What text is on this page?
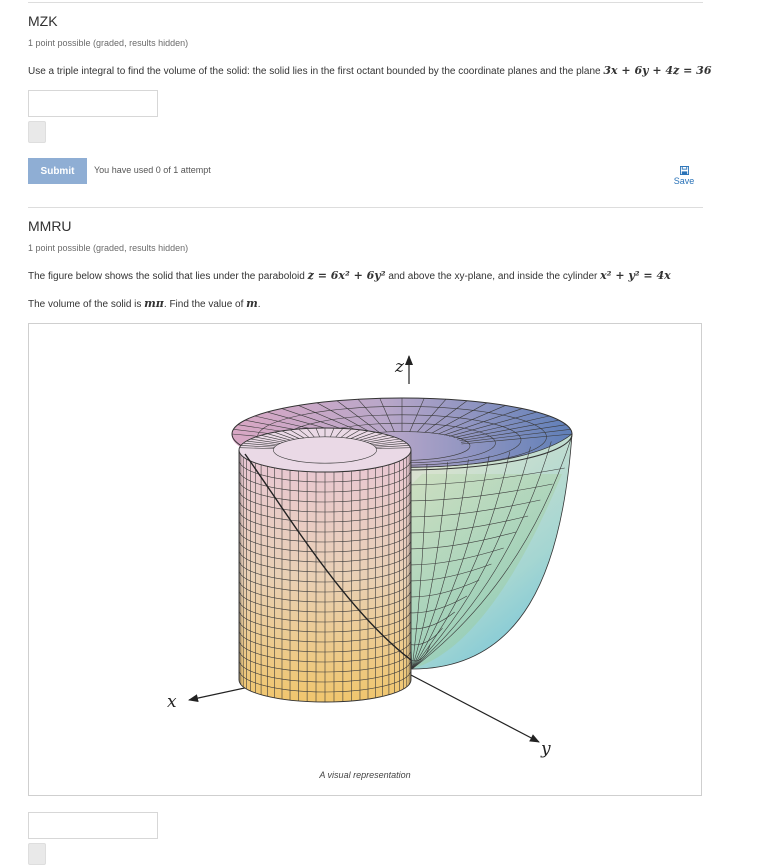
MZK
1 point possible (graded, results hidden)
Use a triple integral to find the volume of the solid: the solid lies in the first octant bounded by the coordinate planes and the plane 3x + 6y + 4z = 36
Submit	You have used 0 of 1 attempt
Save
MMRU
1 point possible (graded, results hidden)
The figure below shows the solid that lies under the paraboloid z = 6x² + 6y² and above the xy-plane, and inside the cylinder x² + y² = 4x
The volume of the solid is mπ. Find the value of m.
z
x
y
A visual representation
